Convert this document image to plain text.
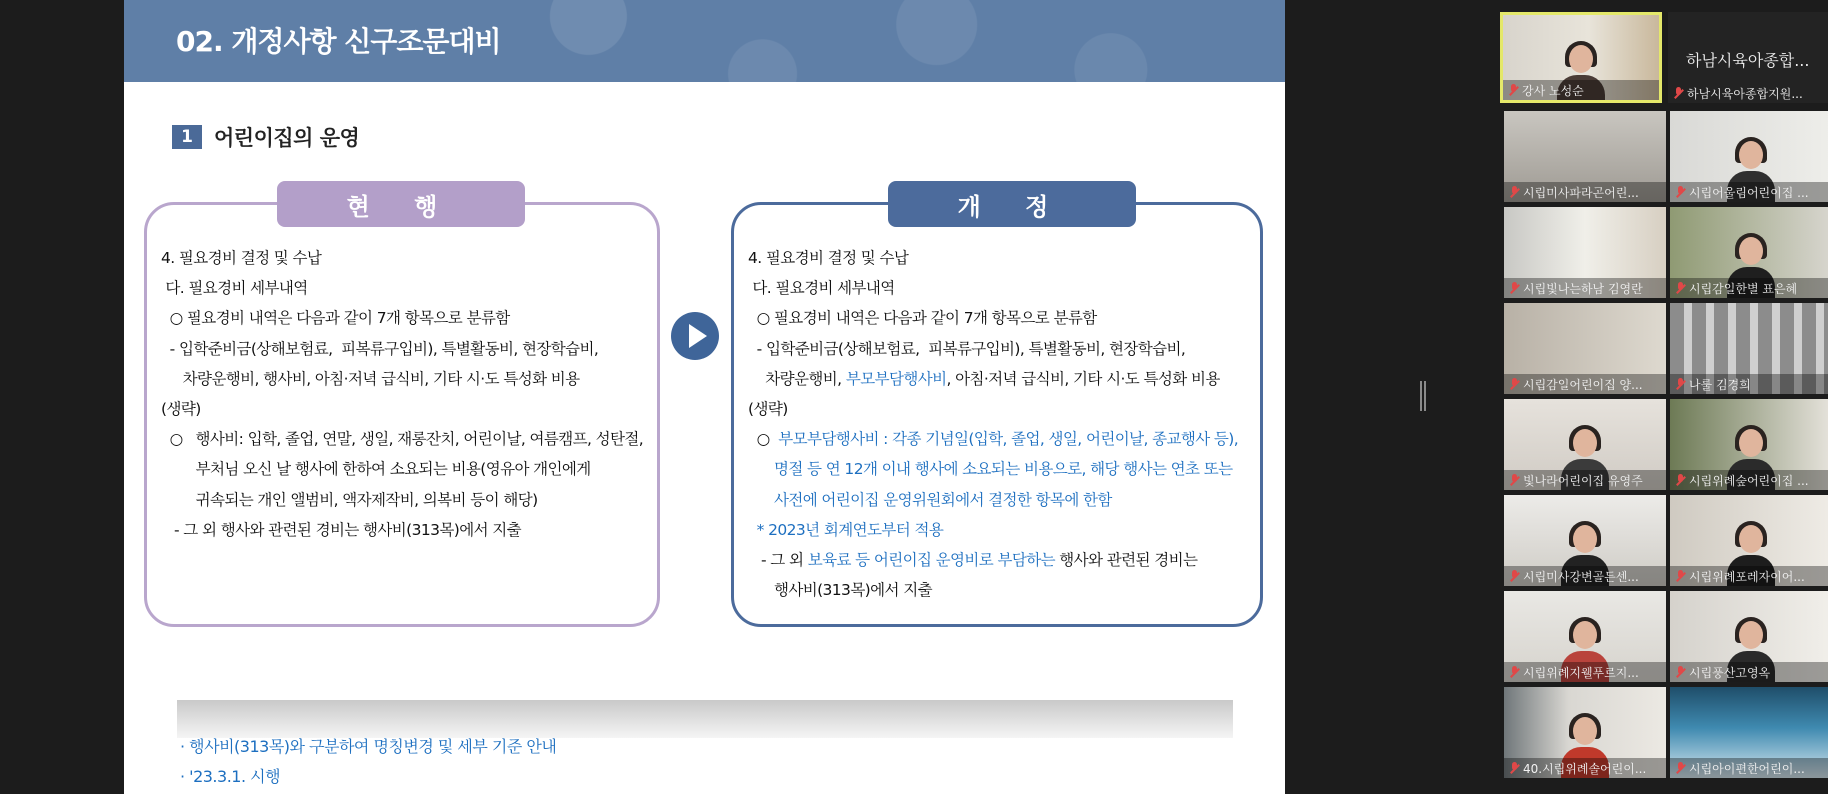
02. 개정사항 신구조문대비
1	어린이집의 운영
현 행
4. 필요경비 결정 및 수납
다. 필요경비 세부내역
○ 필요경비 내역은 다음과 같이 7개 항목으로 분류함
- 입학준비금(상해보험료,  피복류구입비), 특별활동비, 현장학습비,
차량운행비, 행사비, 아침·저녁 급식비, 기타 시·도 특성화 비용
(생략)
○   행사비: 입학, 졸업, 연말, 생일, 재롱잔치, 어린이날, 여름캠프, 성탄절,
부처님 오신 날 행사에 한하여 소요되는 비용(영유아 개인에게
귀속되는 개인 앨범비, 액자제작비, 의복비 등이 해당)
- 그 외 행사와 관련된 경비는 행사비(313목)에서 지출
개 정
4. 필요경비 결정 및 수납
다. 필요경비 세부내역
○ 필요경비 내역은 다음과 같이 7개 항목으로 분류함
- 입학준비금(상해보험료,  피복류구입비), 특별활동비, 현장학습비,
차량운행비, 부모부담행사비, 아침·저녁 급식비, 기타 시·도 특성화 비용
(생략)
○  부모부담행사비 : 각종 기념일(입학, 졸업, 생일, 어린이날, 종교행사 등),
명절 등 연 12개 이내 행사에 소요되는 비용으로, 해당 행사는 연초 또는
사전에 어린이집 운영위원회에서 결정한 항목에 한함
* 2023년 회계연도부터 적용
- 그 외 보육료 등 어린이집 운영비로 부담하는 행사와 관련된 경비는
행사비(313목)에서 지출
· 행사비(313목)와 구분하여 명칭변경 및 세부 기준 안내
· '23.3.1. 시행
강사 노성순
하남시육아종합...
하남시육아종합지원...
시립미사파라곤어린...	시립어울림어린이집 ...
시립빛나는하남 김영란	시립감일한별 표은혜
시립감일어린이집 양...	나룰 김경희
빛나라어린이집 유영주	시립위례숲어린이집 ...
시립미사강변골든센...	시립위례포레자이어...
시립위례지웰푸르지...	시립풍산고영옥
40.시립위례솔어린이...	시립아이편한어린이...
